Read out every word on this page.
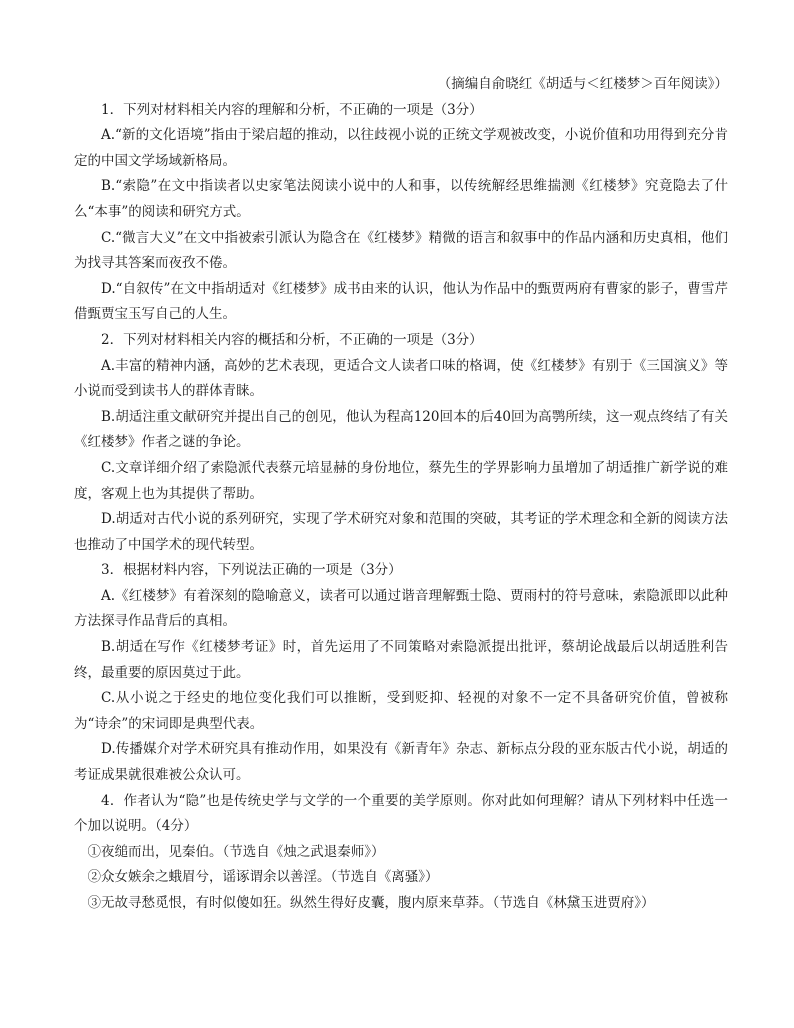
（摘编自俞晓红《胡适与＜红楼梦＞百年阅读》）

1．下列对材料相关内容的理解和分析，不正确的一项是（3分）

A.“新的文化语境”指由于梁启超的推动，以往歧视小说的正统文学观被改变，小说价值和功用得到充分肯定的中国文学场域新格局。

B.“索隐”在文中指读者以史家笔法阅读小说中的人和事，以传统解经思维揣测《红楼梦》究竟隐去了什么“本事”的阅读和研究方式。

C.“微言大义”在文中指被索引派认为隐含在《红楼梦》精微的语言和叙事中的作品内涵和历史真相，他们为找寻其答案而夜孜不倦。

D.“自叙传”在文中指胡适对《红楼梦》成书由来的认识，他认为作品中的甄贾两府有曹家的影子，曹雪芹借甄贾宝玉写自己的人生。

2．下列对材料相关内容的概括和分析，不正确的一项是（3分）

A.丰富的精神内涵，高妙的艺术表现，更适合文人读者口味的格调，使《红楼梦》有别于《三国演义》等小说而受到读书人的群体青睐。

B.胡适注重文献研究并提出自己的创见，他认为程高120回本的后40回为高鹗所续，这一观点终结了有关《红楼梦》作者之谜的争论。

C.文章详细介绍了索隐派代表蔡元培显赫的身份地位，蔡先生的学界影响力虽增加了胡适推广新学说的难度，客观上也为其提供了帮助。

D.胡适对古代小说的系列研究，实现了学术研究对象和范围的突破，其考证的学术理念和全新的阅读方法也推动了中国学术的现代转型。

3．根据材料内容，下列说法正确的一项是（3分）

A.《红楼梦》有着深刻的隐喻意义，读者可以通过谐音理解甄士隐、贾雨村的符号意味，索隐派即以此种方法探寻作品背后的真相。

B.胡适在写作《红楼梦考证》时，首先运用了不同策略对索隐派提出批评，蔡胡论战最后以胡适胜利告终，最重要的原因莫过于此。

C.从小说之于经史的地位变化我们可以推断，受到贬抑、轻视的对象不一定不具备研究价值，曾被称为“诗余”的宋词即是典型代表。

D.传播媒介对学术研究具有推动作用，如果没有《新青年》杂志、新标点分段的亚东版古代小说，胡适的考证成果就很难被公众认可。

4．作者认为“隐”也是传统史学与文学的一个重要的美学原则。你对此如何理解？请从下列材料中任选一个加以说明。（4分）

①夜缒而出，见秦伯。（节选自《烛之武退秦师》）

②众女嫉余之蛾眉兮，谣诼谓余以善淫。（节选自《离骚》）

③无故寻愁觅恨，有时似傻如狂。纵然生得好皮囊，腹内原来草莽。（节选自《林黛玉进贾府》）
